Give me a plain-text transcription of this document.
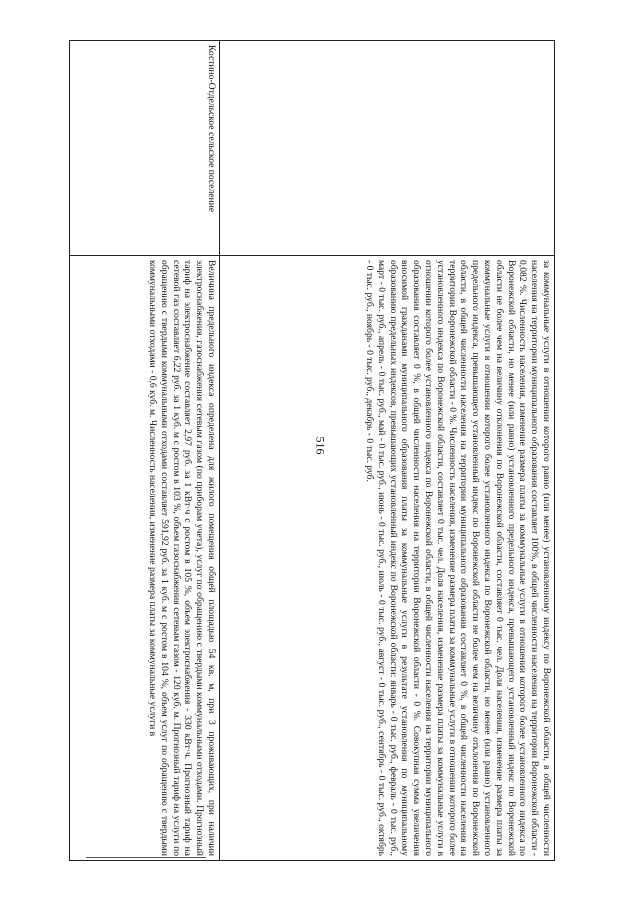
516
		за коммунальные услуги в отношении которого равно (или менее) установленному индексу по Воронежской области, в общей численности населения на территории муниципального образования составляет 100%, в общей численности населения на территории Воронежской области - 0,082 %. Численность населения, изменение размера платы за коммунальные услуги в отношении которого более установленного индекса по Воронежской области, но менее (или равно) установленного предельного индекса, превышающего установленный индекс по Воронежской области не более чем на величину отклонения по Воронежской области, составляет 0 тыс. чел. Доля населения, изменение размера платы за коммунальные услуги в отношении которого более установленного индекса по Воронежской области, но менее (или равно) установленного предельного индекса, превышающего установленный индекс по Воронежской области не более чем на величину отклонения по Воронежской области, в общей численности населения на территории муниципального образования составляет 0 %, в общей численности населения на территории Воронежской области - 0 %. Численность населения, изменение размера платы за коммунальные услуги в отношении которого более установленного индекса по Воронежской области, составляет 0 тыс. чел. Доля населения, изменение размера платы за коммунальные услуги в отношении которого более установленного индекса по Воронежской области, в общей численности населения на территории муниципального образования составляет 0 %, в общей численности населения на территории Воронежской области - 0 %. Совокупная сумма увеличения вносимой гражданами муниципального образования платы за коммунальные услуги в результате установления по муниципальному образованию предельных индексов, превышающих установленный индекс по Воронежской области: январь - 0 тыс. руб., февраль - 0 тыс. руб., март - 0 тыс. руб., апрель - 0 тыс. руб., май - 0 тыс. руб., июнь - 0 тыс. руб., июль - 0 тыс. руб., август - 0 тыс. руб., сентябрь - 0 тыс. руб., октябрь - 0 тыс. руб., ноябрь - 0 тыс. руб., декабрь - 0 тыс. руб.
Костино-Отдельское сельское поселение	Величина предельного индекса определена для жилого помещения общей площадью 54 кв. м, при 3 проживающих, при наличии электроснабжения, газоснабжения сетевым газом (по приборам учета), услуг по обращению с твердыми коммунальными отходами. Прогнозный тариф на электроснабжение составляет 2,97 руб. за 1 кВт·ч с ростом в 105 %, объем электроснабжения - 330 кВт·ч. Прогнозный тариф на сетевой газ составляет 6,22 руб. за 1 куб. м с ростом в 103 %, объем газоснабжения сетевым газом - 120 куб. м. Прогнозный тариф на услуги по обращению с твердыми коммунальными отходами составляет 591,92 руб. за 1 куб. м с ростом в 104 %, объем услуг по обращению с твердыми коммунальными отходами - 0,6 куб. м. Численность населения, изменение размера платы за коммунальные услуги в
